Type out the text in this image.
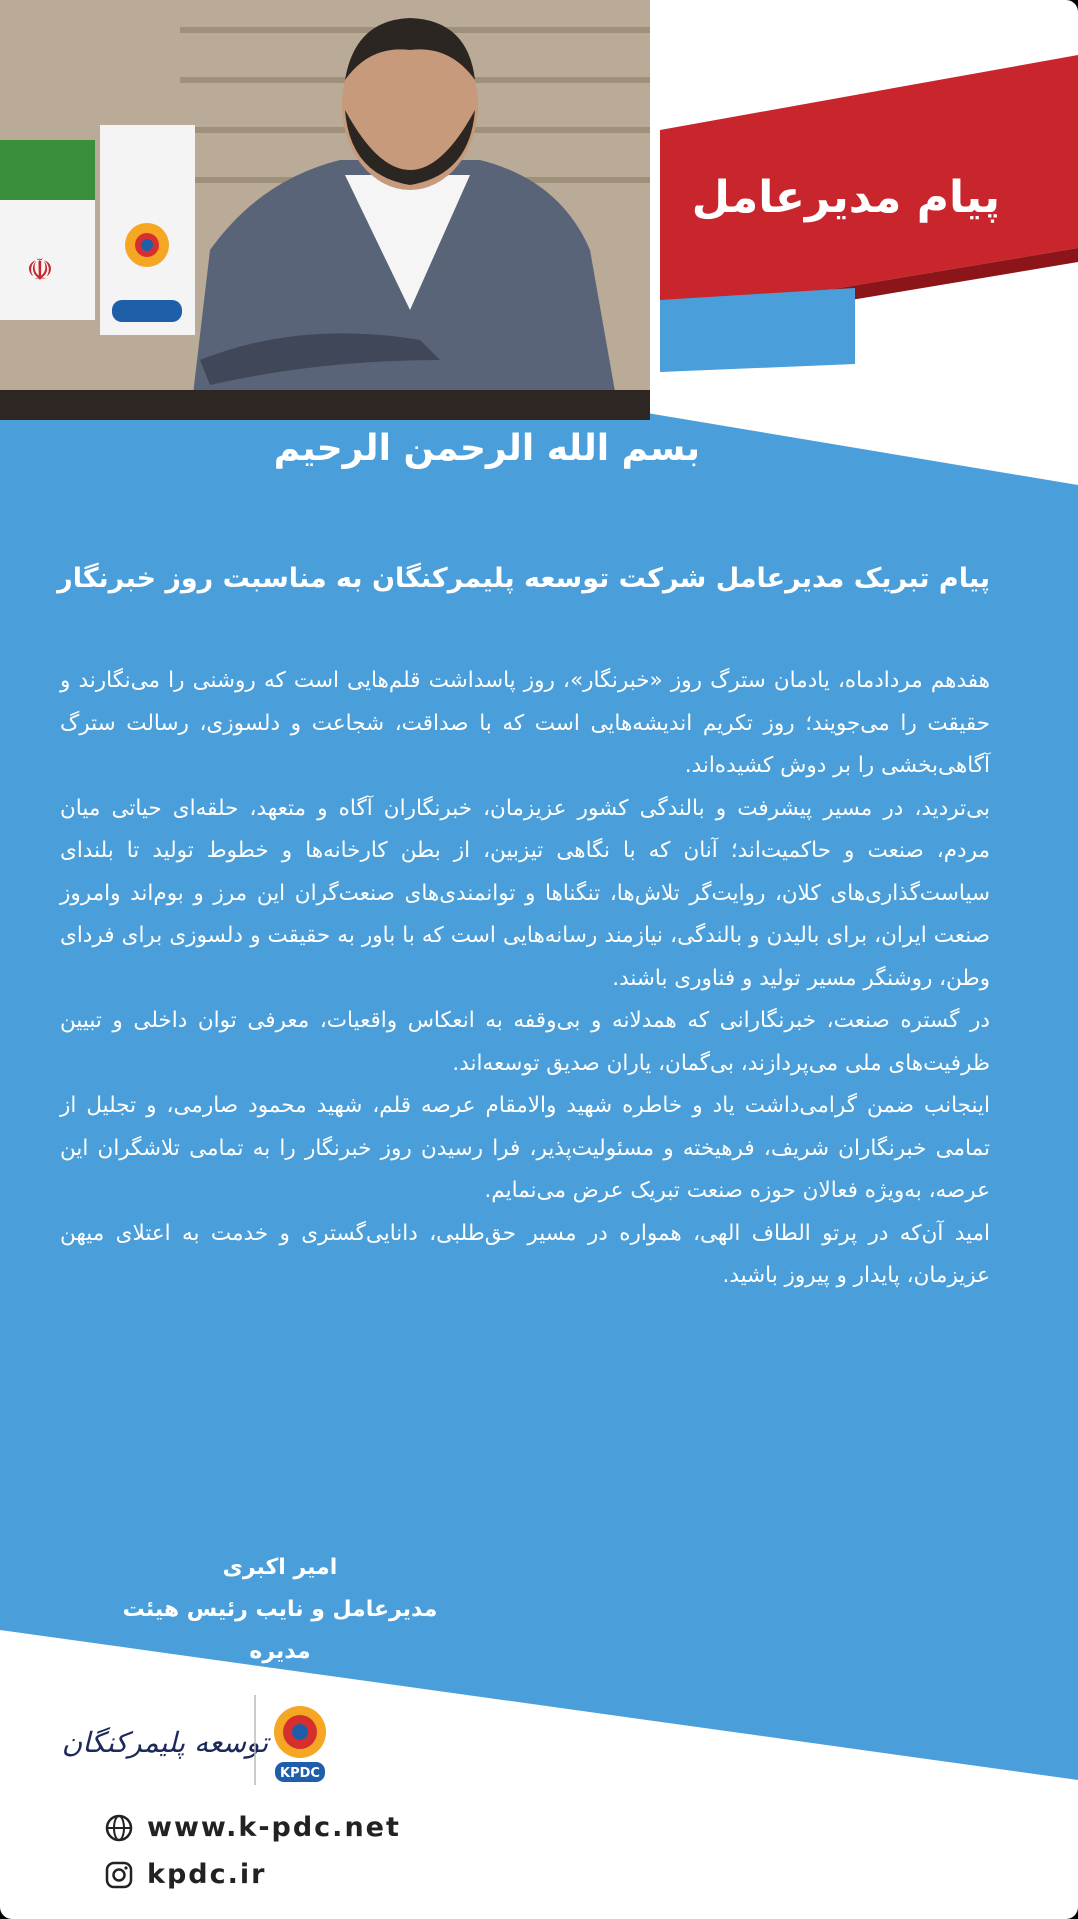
☫
پیام مدیرعامل
بسم الله الرحمن الرحیم
پیام تبریک مدیرعامل شرکت توسعه پلیمرکنگان به مناسبت روز خبرنگار

هفدهم مردادماه، یادمان سترگ روز «خبرنگار»، روز پاسداشت قلم‌هایی است که روشنی را می‌نگارند و حقیقت را می‌جویند؛ روز تکریم اندیشه‌هایی است که با صداقت، شجاعت و دلسوزی، رسالت سترگ آگاهی‌بخشی را بر دوش کشیده‌اند.

بی‌تردید، در مسیر پیشرفت و بالندگی کشور عزیزمان، خبرنگاران آگاه و متعهد، حلقه‌ای حیاتی میان مردم، صنعت و حاکمیت‌اند؛ آنان که با نگاهی تیزبین، از بطن کارخانه‌ها و خطوط تولید تا بلندای سیاست‌گذاری‌های کلان، روایت‌گر تلاش‌ها، تنگناها و توانمندی‌های صنعت‌گران این مرز و بوم‌اند وامروز صنعت ایران، برای بالیدن و بالندگی، نیازمند رسانه‌هایی است که با باور به حقیقت و دلسوزی برای فردای وطن، روشنگر مسیر تولید و فناوری باشند.

در گستره صنعت، خبرنگارانی که همدلانه و بی‌وقفه به انعکاس واقعیات، معرفی توان داخلی و تبیین ظرفیت‌های ملی می‌پردازند، بی‌گمان، یاران صدیق توسعه‌اند.

اینجانب ضمن گرامی‌داشت یاد و خاطره شهید والامقام عرصه قلم، شهید محمود صارمی، و تجلیل از تمامی خبرنگاران شریف، فرهیخته و مسئولیت‌پذیر، فرا رسیدن روز خبرنگار را به تمامی تلاشگران این عرصه، به‌ویژه فعالان حوزه صنعت تبریک عرض می‌نمایم.

امید آن‌که در پرتو الطاف الهی، همواره در مسیر حق‌طلبی، دانایی‌گستری و خدمت به اعتلای میهن عزیزمان، پایدار و پیروز باشید.

امیر اکبری
مدیرعامل و نایب رئیس هیئت مدیره
توسعه پلیمرکنگان
KPDC
www.k-pdc.net
kpdc.ir
